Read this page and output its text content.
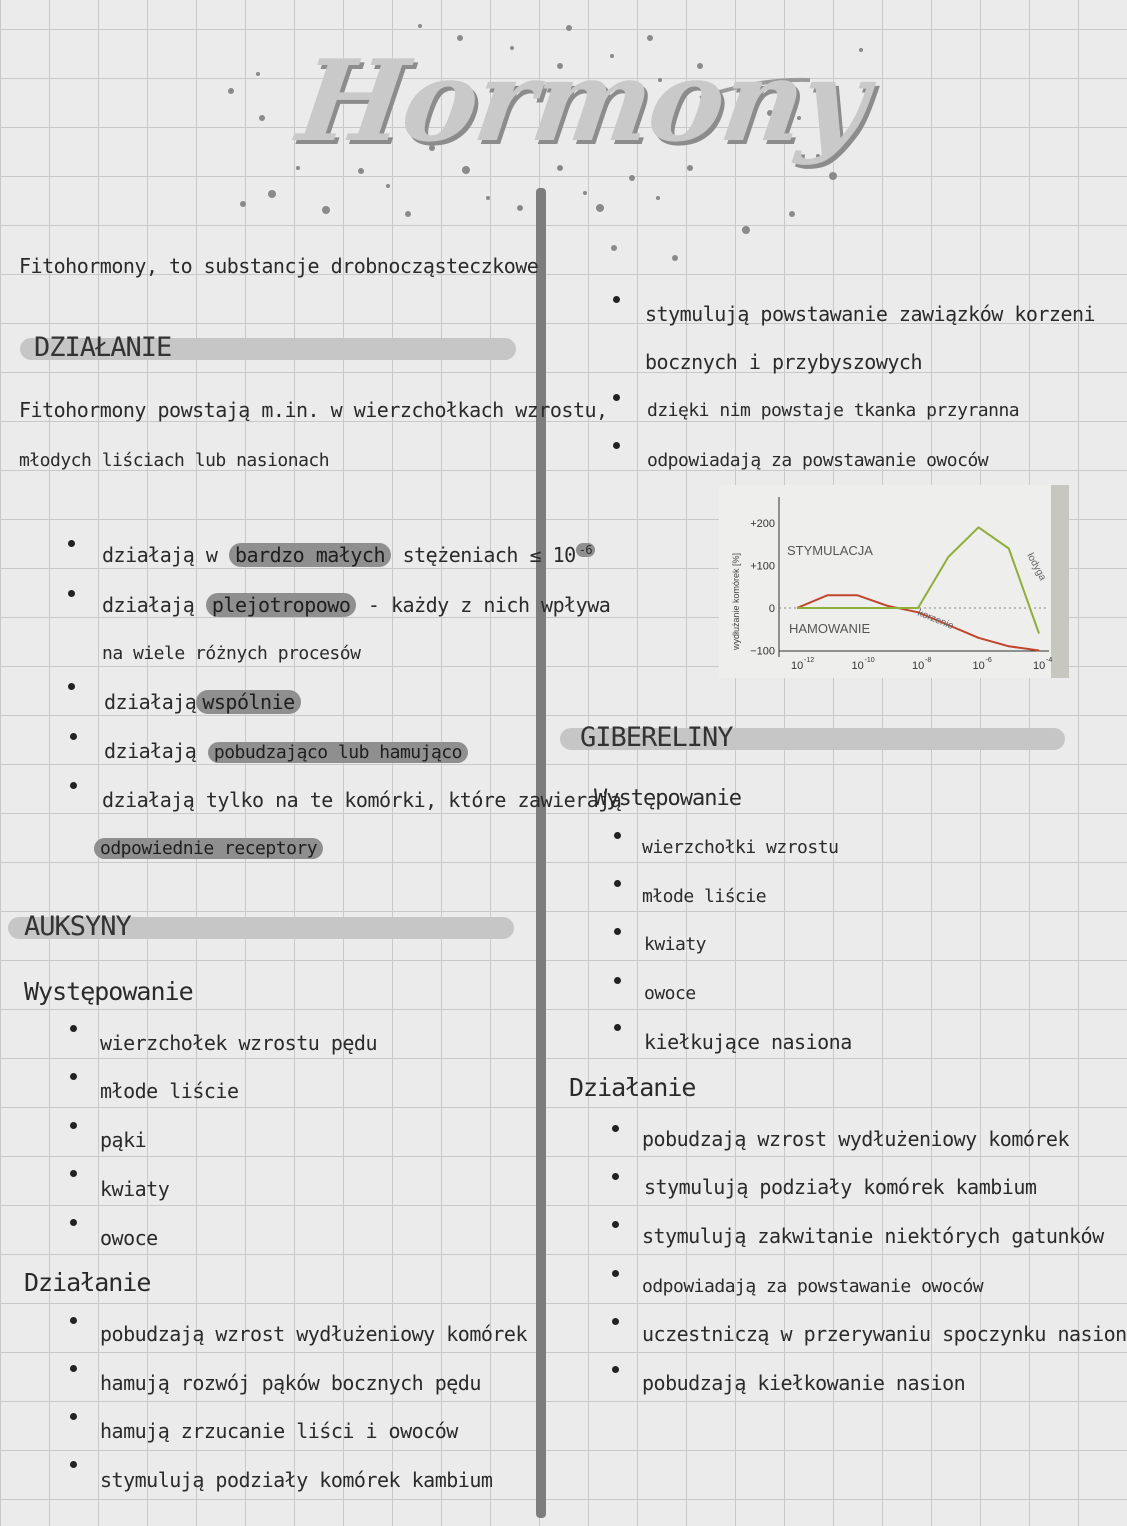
Hormony
Fitohormony, to substancje drobnocząsteczkowe
DZIAŁANIE
Fitohormony powstają m.in. w wierzchołkach wzrostu,
młodych liściach lub nasionach
działają w bardzo małych stężeniach ≤ 10 $^{-6}$
działają plejotropowo - każdy z nich wpływa
na wiele różnych procesów
działają wspólnie
działają pobudzająco lub hamująco
działają tylko na te komórki, które zawierają
odpowiednie receptory
AUKSYNY
Występowanie
wierzchołek wzrostu pędu
młode liście
pąki
kwiaty
owoce
Działanie
pobudzają wzrost wydłużeniowy komórek
hamują rozwój pąków bocznych pędu
hamują zrzucanie liści i owoców
stymulują podziały komórek kambium
stymulują powstawanie zawiązków korzeni
bocznych i przybyszowych
dzięki nim powstaje tkanka przyranna
odpowiadają za powstawanie owoców
+200
+100
0
−100
10 -12	10 -10	10 -8	10 -6	10 -4
wydłużanie komórek [%]
STYMULACJA
HAMOWANIE	korzenie
łodyga
GIBERELINY
Występowanie
wierzchołki wzrostu
młode liście
kwiaty
owoce
kiełkujące nasiona
Działanie
pobudzają wzrost wydłużeniowy komórek
stymulują podziały komórek kambium
stymulują zakwitanie niektórych gatunków
odpowiadają za powstawanie owoców
uczestniczą w przerywaniu spoczynku nasion
pobudzają kiełkowanie nasion
